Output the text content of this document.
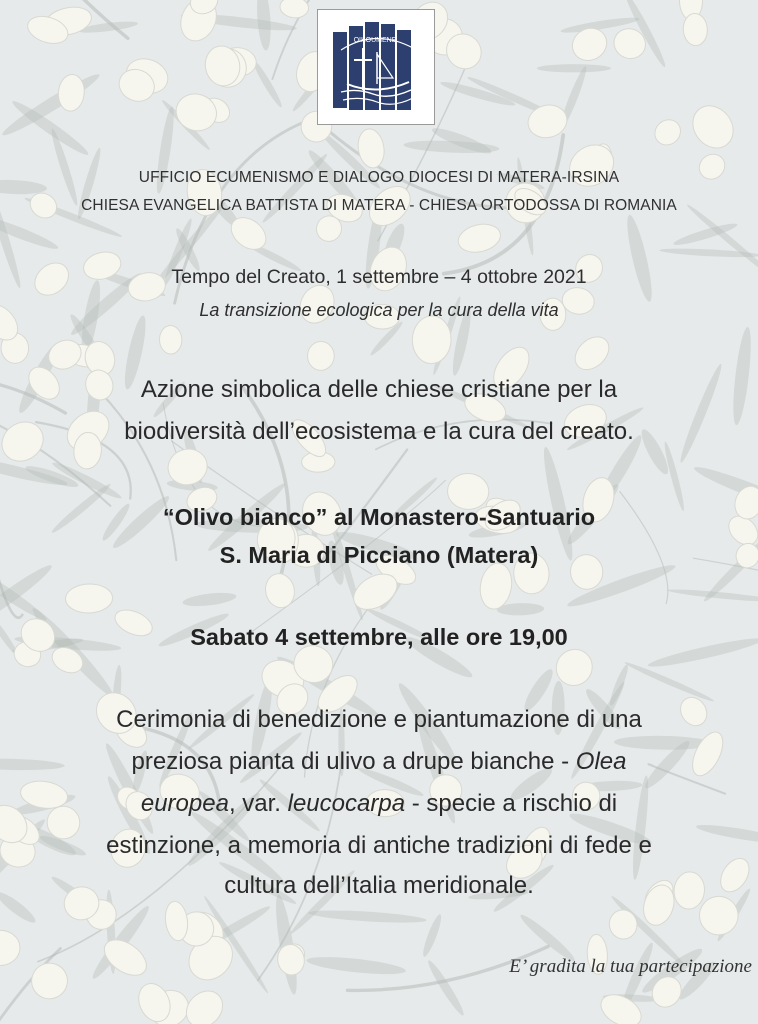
OIKOUMENE
UFFICIO ECUMENISMO E DIALOGO DIOCESI DI MATERA-IRSINA
CHIESA EVANGELICA BATTISTA DI MATERA - CHIESA ORTODOSSA DI ROMANIA
Tempo del Creato, 1 settembre – 4 ottobre 2021
La transizione ecologica per la cura della vita
Azione simbolica delle chiese cristiane per la
biodiversità dell’ecosistema e la cura del creato.
“Olivo bianco” al Monastero-Santuario
S. Maria di Picciano (Matera)
Sabato 4 settembre, alle ore 19,00
Cerimonia di benedizione e piantumazione di una
preziosa pianta di ulivo a drupe bianche - Olea
europea, var. leucocarpa - specie a rischio di
estinzione, a memoria di antiche tradizioni di fede e
cultura dell’Italia meridionale.
E’ gradita la tua partecipazione
